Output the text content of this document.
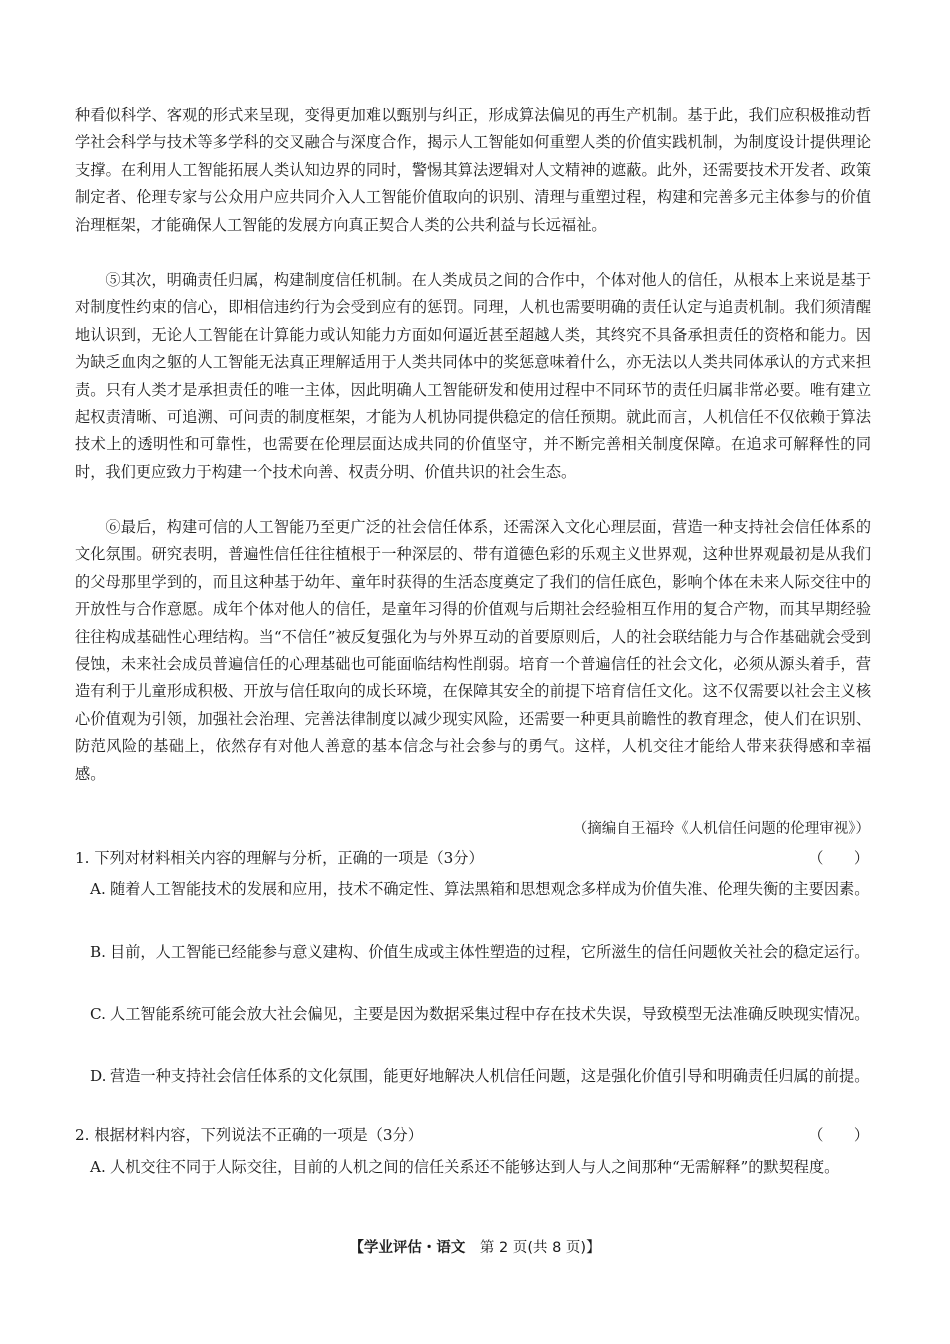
种看似科学、客观的形式来呈现，变得更加难以甄别与纠正，形成算法偏见的再生产机制。基于此，我们应积极推动哲学社会科学与技术等多学科的交叉融合与深度合作，揭示人工智能如何重塑人类的价值实践机制，为制度设计提供理论支撑。在利用人工智能拓展人类认知边界的同时，警惕其算法逻辑对人文精神的遮蔽。此外，还需要技术开发者、政策制定者、伦理专家与公众用户应共同介入人工智能价值取向的识别、清理与重塑过程，构建和完善多元主体参与的价值治理框架，才能确保人工智能的发展方向真正契合人类的公共利益与长远福祉。

⑤其次，明确责任归属，构建制度信任机制。在人类成员之间的合作中，个体对他人的信任，从根本上来说是基于对制度性约束的信心，即相信违约行为会受到应有的惩罚。同理，人机也需要明确的责任认定与追责机制。我们须清醒地认识到，无论人工智能在计算能力或认知能力方面如何逼近甚至超越人类，其终究不具备承担责任的资格和能力。因为缺乏血肉之躯的人工智能无法真正理解适用于人类共同体中的奖惩意味着什么，亦无法以人类共同体承认的方式来担责。只有人类才是承担责任的唯一主体，因此明确人工智能研发和使用过程中不同环节的责任归属非常必要。唯有建立起权责清晰、可追溯、可问责的制度框架，才能为人机协同提供稳定的信任预期。就此而言，人机信任不仅依赖于算法技术上的透明性和可靠性，也需要在伦理层面达成共同的价值坚守，并不断完善相关制度保障。在追求可解释性的同时，我们更应致力于构建一个技术向善、权责分明、价值共识的社会生态。

⑥最后，构建可信的人工智能乃至更广泛的社会信任体系，还需深入文化心理层面，营造一种支持社会信任体系的文化氛围。研究表明，普遍性信任往往植根于一种深层的、带有道德色彩的乐观主义世界观，这种世界观最初是从我们的父母那里学到的，而且这种基于幼年、童年时获得的生活态度奠定了我们的信任底色，影响个体在未来人际交往中的开放性与合作意愿。成年个体对他人的信任，是童年习得的价值观与后期社会经验相互作用的复合产物，而其早期经验往往构成基础性心理结构。当“不信任”被反复强化为与外界互动的首要原则后，人的社会联结能力与合作基础就会受到侵蚀，未来社会成员普遍信任的心理基础也可能面临结构性削弱。培育一个普遍信任的社会文化，必须从源头着手，营造有利于儿童形成积极、开放与信任取向的成长环境，在保障其安全的前提下培育信任文化。这不仅需要以社会主义核心价值观为引领，加强社会治理、完善法律制度以减少现实风险，还需要一种更具前瞻性的教育理念，使人们在识别、防范风险的基础上，依然存有对他人善意的基本信念与社会参与的勇气。这样，人机交往才能给人带来获得感和幸福感。

（摘编自王福玲《人机信任问题的伦理审视》）

1. 下列对材料相关内容的理解与分析，正确的一项是（3分）	（　　）
A. 随着人工智能技术的发展和应用，技术不确定性、算法黑箱和思想观念多样成为价值失准、伦理失衡的主要因素。
B. 目前，人工智能已经能参与意义建构、价值生成或主体性塑造的过程，它所滋生的信任问题攸关社会的稳定运行。
C. 人工智能系统可能会放大社会偏见，主要是因为数据采集过程中存在技术失误，导致模型无法准确反映现实情况。
D. 营造一种支持社会信任体系的文化氛围，能更好地解决人机信任问题，这是强化价值引导和明确责任归属的前提。
2. 根据材料内容，下列说法不正确的一项是（3分）	（　　）
A. 人机交往不同于人际交往，目前的人机之间的信任关系还不能够达到人与人之间那种“无需解释”的默契程度。
【学业评估・语文　第 2 页(共 8 页)】
